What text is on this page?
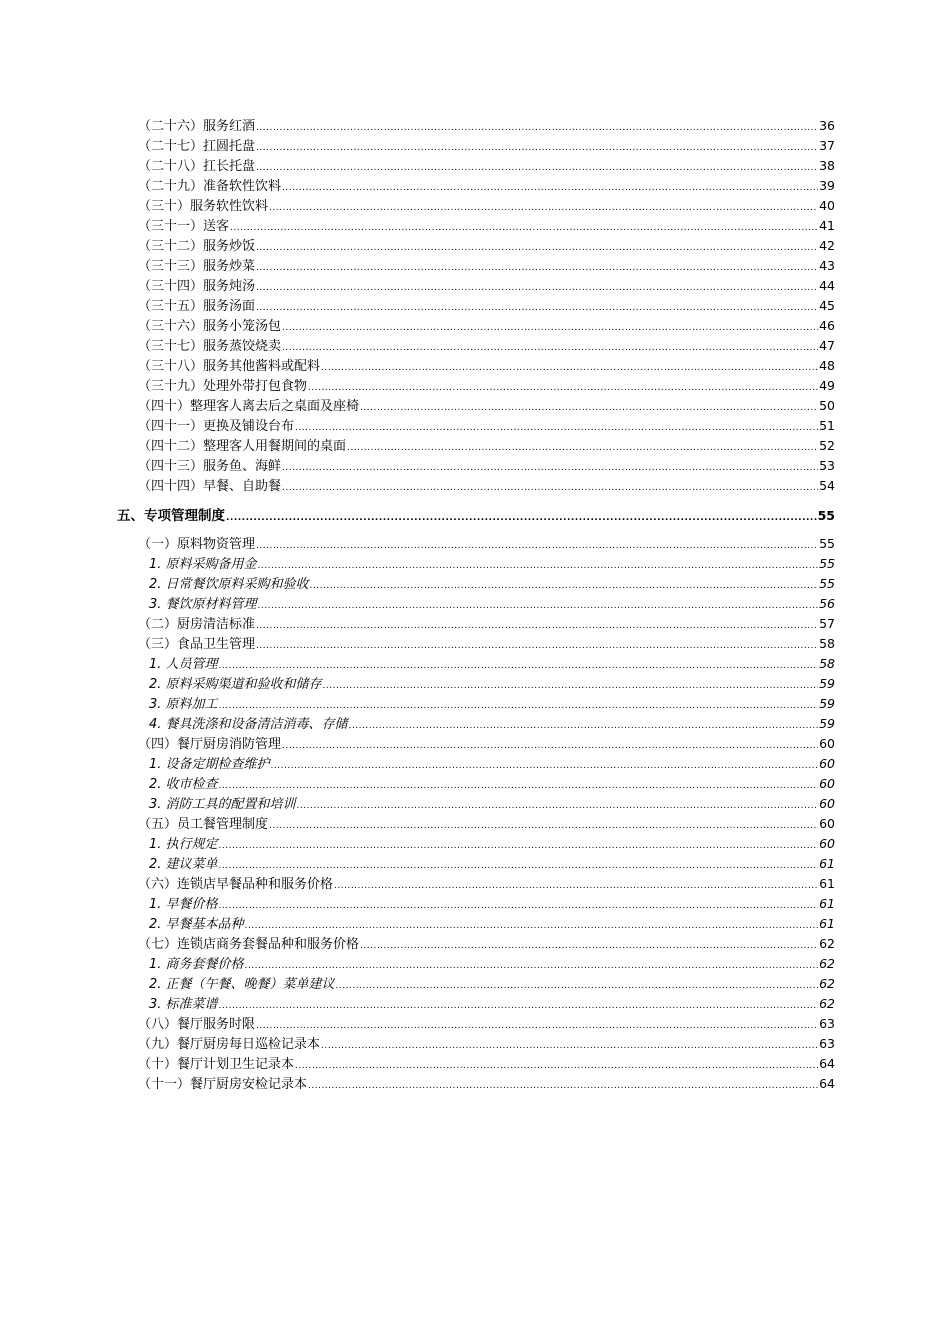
（二十六）服务红酒 .....	36
（二十七）扛圆托盘 .....	37
（二十八）扛长托盘 .....	38
（二十九）准备软性饮料 .....	39
（三十）服务软性饮料 .....	40
（三十一）送客 .....	41
（三十二）服务炒饭 .....	42
（三十三）服务炒菜 .....	43
（三十四）服务炖汤 .....	44
（三十五）服务汤面 .....	45
（三十六）服务小笼汤包 .....	46
（三十七）服务蒸饺烧卖 .....	47
（三十八）服务其他酱料或配料 .....	48
（三十九）处理外带打包食物 .....	49
（四十）整理客人离去后之桌面及座椅 .....	50
（四十一）更换及铺设台布 .....	51
（四十二）整理客人用餐期间的桌面 .....	52
（四十三）服务鱼、海鲜 .....	53
（四十四）早餐、自助餐 .....	54
五、专项管理制度 .....	55
（一）原料物资管理 .....	55
1. 原料采购备用金 .....	55
2. 日常餐饮原料采购和验收 .....	55
3. 餐饮原材料管理 .....	56
（二）厨房清洁标准 .....	57
（三）食品卫生管理 .....	58
1. 人员管理 .....	58
2. 原料采购渠道和验收和储存 .....	59
3. 原料加工 .....	59
4. 餐具洗涤和设备清洁消毒、存储 .....	59
（四）餐厅厨房消防管理 .....	60
1. 设备定期检查维护 .....	60
2. 收市检查 .....	60
3. 消防工具的配置和培训 .....	60
（五）员工餐管理制度 .....	60
1. 执行规定 .....	60
2. 建议菜单 .....	61
（六）连锁店早餐品种和服务价格 .....	61
1. 早餐价格 .....	61
2. 早餐基本品种 .....	61
（七）连锁店商务套餐品种和服务价格 .....	62
1. 商务套餐价格 .....	62
2. 正餐（午餐、晚餐）菜单建议 .....	62
3. 标准菜谱 .....	62
（八）餐厅服务时限 .....	63
（九）餐厅厨房每日巡检记录本 .....	63
（十）餐厅计划卫生记录本 .....	64
（十一）餐厅厨房安检记录本 .....	64
